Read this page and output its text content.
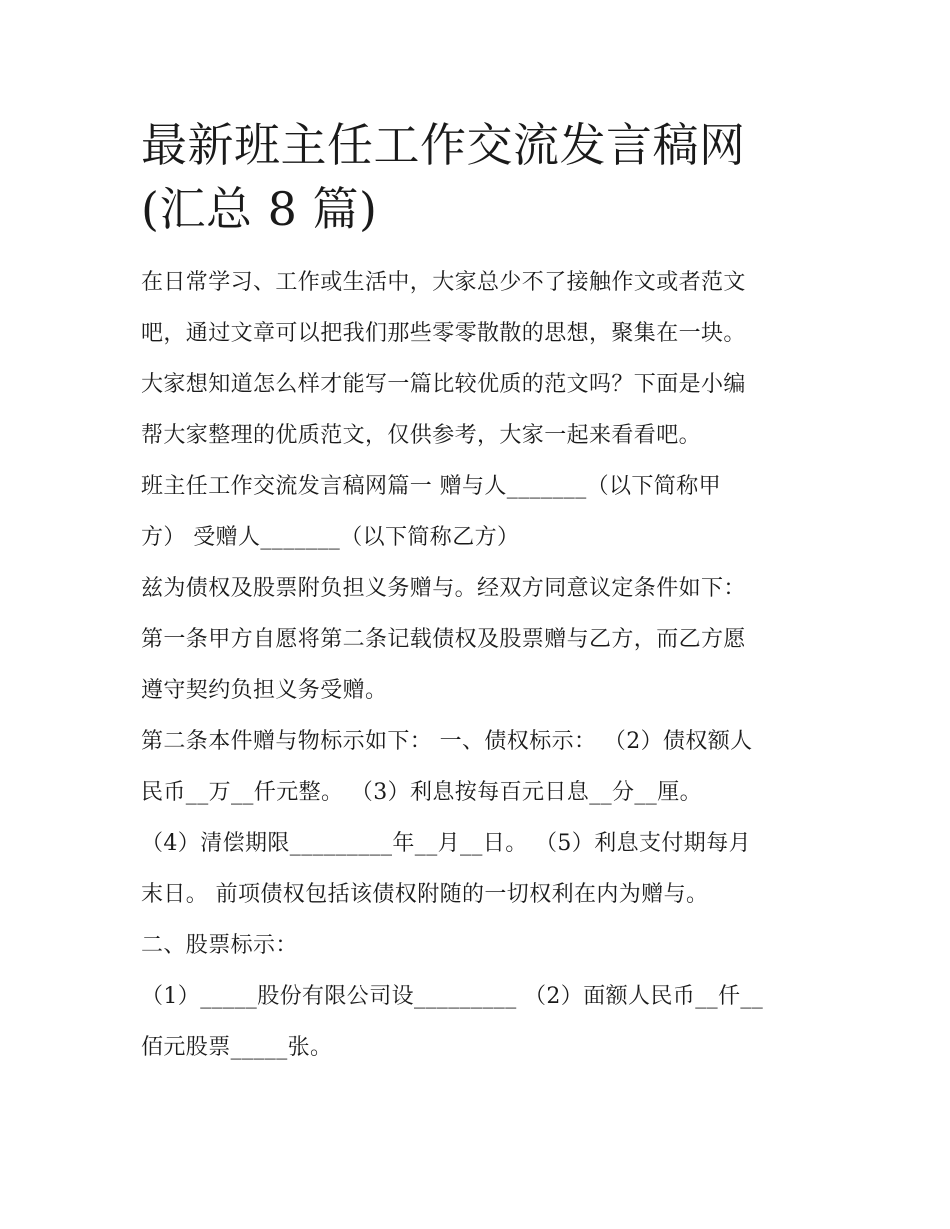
最新班主任工作交流发言稿网
(汇总 8 篇)
在日常学习、工作或生活中，大家总少不了接触作文或者范文
吧，通过文章可以把我们那些零零散散的思想，聚集在一块。
大家想知道怎么样才能写一篇比较优质的范文吗？下面是小编
帮大家整理的优质范文，仅供参考，大家一起来看看吧。
班主任工作交流发言稿网篇一 赠与人_______（以下简称甲
方） 受赠人_______（以下简称乙方）
兹为债权及股票附负担义务赠与。经双方同意议定条件如下：
第一条甲方自愿将第二条记载债权及股票赠与乙方，而乙方愿
遵守契约负担义务受赠。
第二条本件赠与物标示如下： 一、债权标示： （2）债权额人
民币__万__仟元整。 （3）利息按每百元日息__分__厘。
（4）清偿期限_________年__月__日。 （5）利息支付期每月
末日。 前项债权包括该债权附随的一切权利在内为赠与。
二、股票标示：
（1）_____股份有限公司设_________ （2）面额人民币__仟__
佰元股票_____张。
